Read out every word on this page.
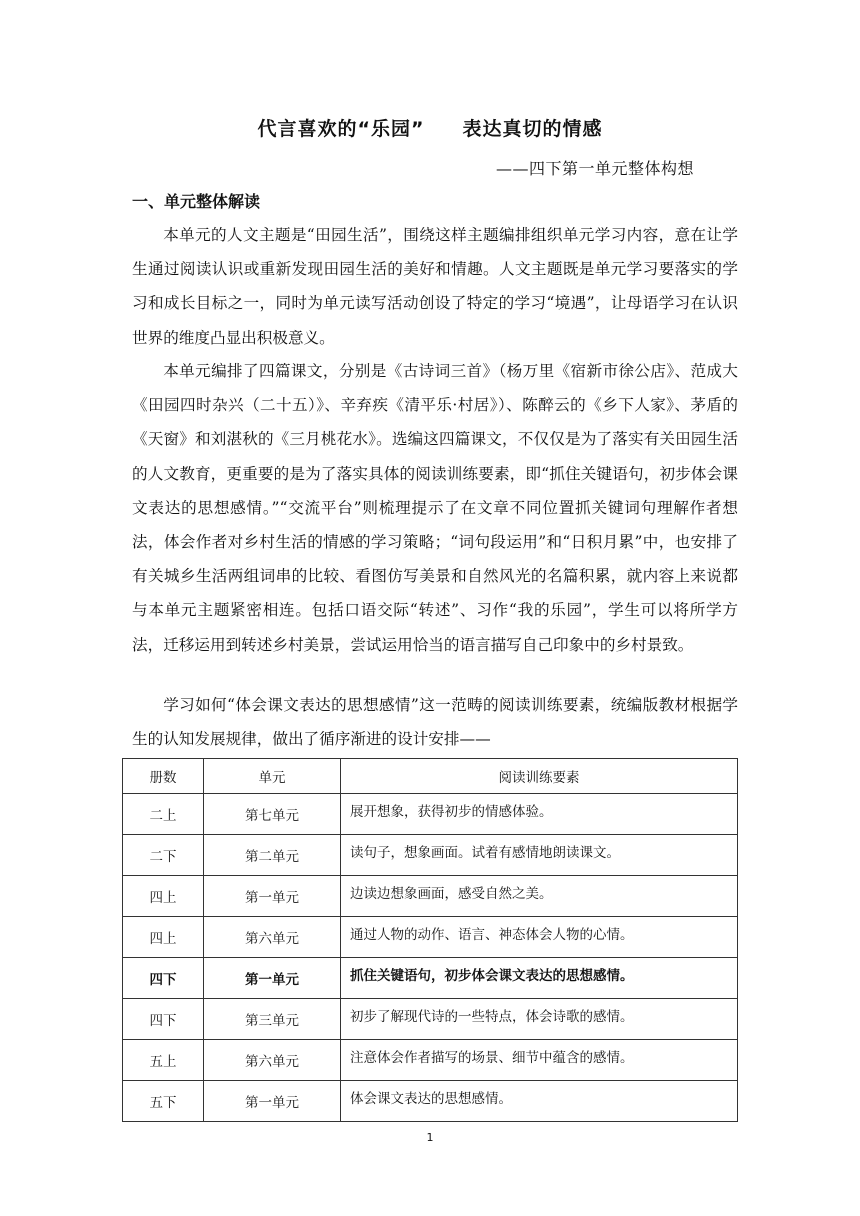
代言喜欢的“乐园” 表达真切的情感
——四下第一单元整体构想
一、单元整体解读

本单元的人文主题是“田园生活”，围绕这样主题编排组织单元学习内容，意在让学生通过阅读认识或重新发现田园生活的美好和情趣。人文主题既是单元学习要落实的学习和成长目标之一，同时为单元读写活动创设了特定的学习“境遇”，让母语学习在认识世界的维度凸显出积极意义。

本单元编排了四篇课文，分别是《古诗词三首》（杨万里《宿新市徐公店》、范成大《田园四时杂兴（二十五）》、辛弃疾《清平乐·村居》）、陈醉云的《乡下人家》、茅盾的《天窗》和刘湛秋的《三月桃花水》。选编这四篇课文，不仅仅是为了落实有关田园生活的人文教育，更重要的是为了落实具体的阅读训练要素，即“抓住关键语句，初步体会课文表达的思想感情。”“交流平台”则梳理提示了在文章不同位置抓关键词句理解作者想法，体会作者对乡村生活的情感的学习策略；“词句段运用”和“日积月累”中，也安排了有关城乡生活两组词串的比较、看图仿写美景和自然风光的名篇积累，就内容上来说都与本单元主题紧密相连。包括口语交际“转述”、习作“我的乐园”，学生可以将所学方法，迁移运用到转述乡村美景，尝试运用恰当的语言描写自己印象中的乡村景致。

学习如何“体会课文表达的思想感情”这一范畴的阅读训练要素，统编版教材根据学生的认知发展规律，做出了循序渐进的设计安排——

册数	单元	阅读训练要素
二上	第七单元	展开想象，获得初步的情感体验。
二下	第二单元	读句子，想象画面。试着有感情地朗读课文。
四上	第一单元	边读边想象画面，感受自然之美。
四上	第六单元	通过人物的动作、语言、神态体会人物的心情。
四下	第一单元	抓住关键语句，初步体会课文表达的思想感情。
四下	第三单元	初步了解现代诗的一些特点，体会诗歌的感情。
五上	第六单元	注意体会作者描写的场景、细节中蕴含的感情。
五下	第一单元	体会课文表达的思想感情。
1
